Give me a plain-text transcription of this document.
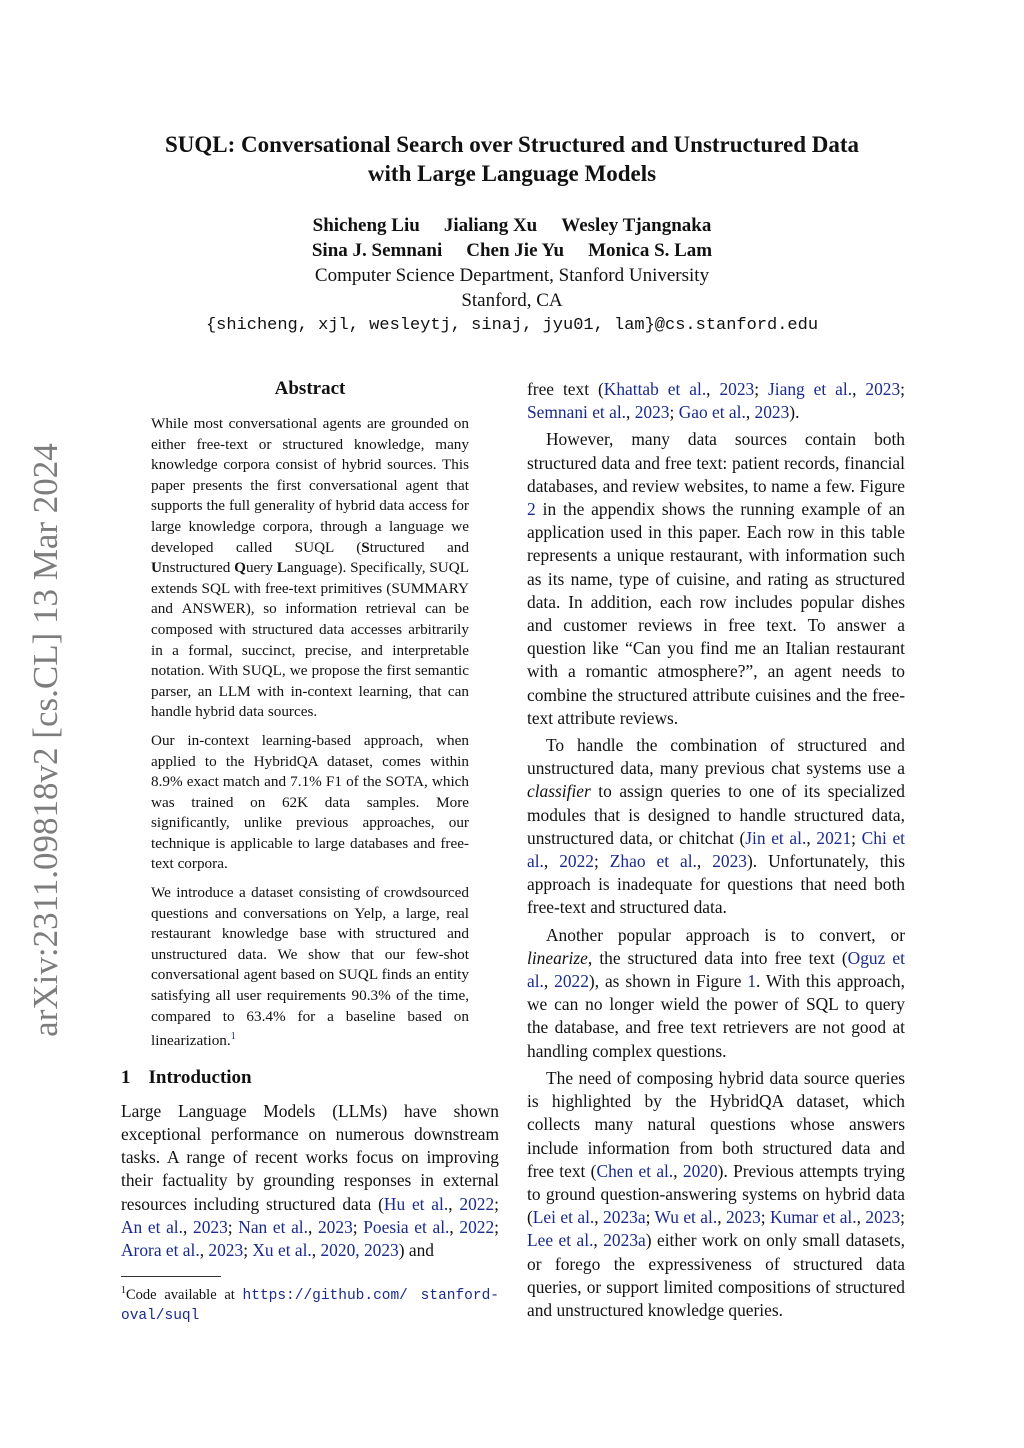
SUQL: Conversational Search over Structured and Unstructured Data
with Large Language Models
Shicheng Liu Jialiang Xu Wesley Tjangnaka
Sina J. Semnani Chen Jie Yu Monica S. Lam
Computer Science Department, Stanford University
Stanford, CA
{shicheng, xjl, wesleytj, sinaj, jyu01, lam}@cs.stanford.edu
arXiv:2311.09818v2 [cs.CL] 13 Mar 2024
Abstract

While most conversational agents are grounded on either free-text or structured knowledge, many knowledge corpora consist of hybrid sources. This paper presents the first conversational agent that supports the full generality of hybrid data access for large knowledge corpora, through a language we developed called SUQL (Structured and Unstructured Query Language). Specifically, SUQL extends SQL with free-text primitives (SUMMARY and ANSWER), so information retrieval can be composed with structured data accesses arbitrarily in a formal, succinct, precise, and interpretable notation. With SUQL, we propose the first semantic parser, an LLM with in-context learning, that can handle hybrid data sources.

Our in-context learning-based approach, when applied to the HybridQA dataset, comes within 8.9% exact match and 7.1% F1 of the SOTA, which was trained on 62K data samples. More significantly, unlike previous approaches, our technique is applicable to large databases and free-text corpora.

We introduce a dataset consisting of crowdsourced questions and conversations on Yelp, a large, real restaurant knowledge base with structured and unstructured data. We show that our few-shot conversational agent based on SUQL finds an entity satisfying all user requirements 90.3% of the time, compared to 63.4% for a baseline based on linearization.$^1$

1 Introduction

Large Language Models (LLMs) have shown exceptional performance on numerous downstream tasks. A range of recent works focus on improving their factuality by grounding responses in external resources including structured data (Hu et al., 2022; An et al., 2023; Nan et al., 2023; Poesia et al., 2022; Arora et al., 2023; Xu et al., 2020, 2023) and

$^1$Code available at https://github.com/ stanford-oval/suql

free text (Khattab et al., 2023; Jiang et al., 2023; Semnani et al., 2023; Gao et al., 2023).

However, many data sources contain both structured data and free text: patient records, financial databases, and review websites, to name a few. Figure 2 in the appendix shows the running example of an application used in this paper. Each row in this table represents a unique restaurant, with information such as its name, type of cuisine, and rating as structured data. In addition, each row includes popular dishes and customer reviews in free text. To answer a question like “Can you find me an Italian restaurant with a romantic atmosphere?”, an agent needs to combine the structured attribute cuisines and the free-text attribute reviews.

To handle the combination of structured and unstructured data, many previous chat systems use a classifier to assign queries to one of its specialized modules that is designed to handle structured data, unstructured data, or chitchat (Jin et al., 2021; Chi et al., 2022; Zhao et al., 2023). Unfortunately, this approach is inadequate for questions that need both free-text and structured data.

Another popular approach is to convert, or linearize, the structured data into free text (Oguz et al., 2022), as shown in Figure 1. With this approach, we can no longer wield the power of SQL to query the database, and free text retrievers are not good at handling complex questions.

The need of composing hybrid data source queries is highlighted by the HybridQA dataset, which collects many natural questions whose answers include information from both structured data and free text (Chen et al., 2020). Previous attempts trying to ground question-answering systems on hybrid data (Lei et al., 2023a; Wu et al., 2023; Kumar et al., 2023; Lee et al., 2023a) either work on only small datasets, or forego the expressiveness of structured data queries, or support limited compositions of structured and unstructured knowledge queries.
